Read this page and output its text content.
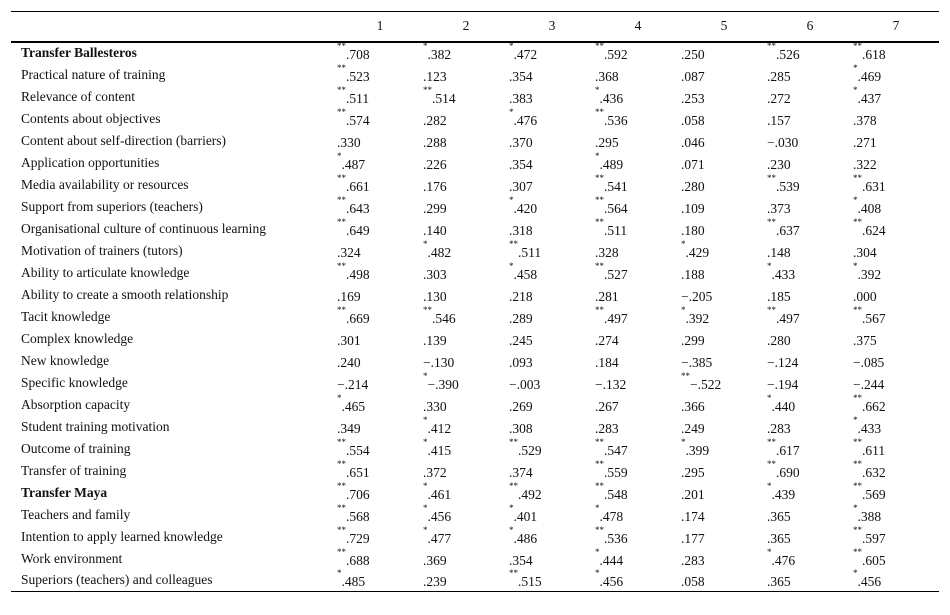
	1	2	3	4	5	6	7
Transfer Ballesteros	**.708	*.382	*.472	**.592	.250	**.526	**.618
Practical nature of training	**.523	.123	.354	.368	.087	.285	*.469
Relevance of content	**.511	**.514	.383	*.436	.253	.272	*.437
Contents about objectives	**.574	.282	*.476	**.536	.058	.157	.378
Content about self-direction (barriers)	.330	.288	.370	.295	.046	−.030	.271
Application opportunities	*.487	.226	.354	*.489	.071	.230	.322
Media availability or resources	**.661	.176	.307	**.541	.280	**.539	**.631
Support from superiors (teachers)	**.643	.299	*.420	**.564	.109	.373	*.408
Organisational culture of continuous learning	**.649	.140	.318	**.511	.180	**.637	**.624
Motivation of trainers (tutors)	.324	*.482	**.511	.328	*.429	.148	.304
Ability to articulate knowledge	**.498	.303	*.458	**.527	.188	*.433	*.392
Ability to create a smooth relationship	.169	.130	.218	.281	−.205	.185	.000
Tacit knowledge	**.669	**.546	.289	**.497	*.392	**.497	**.567
Complex knowledge	.301	.139	.245	.274	.299	.280	.375
New knowledge	.240	−.130	.093	.184	−.385	−.124	−.085
Specific knowledge	−.214	*−.390	−.003	−.132	**−.522	−.194	−.244
Absorption capacity	*.465	.330	.269	.267	.366	*.440	**.662
Student training motivation	.349	*.412	.308	.283	.249	.283	*.433
Outcome of training	**.554	*.415	**.529	**.547	*.399	**.617	**.611
Transfer of training	**.651	.372	.374	**.559	.295	**.690	**.632
Transfer Maya	**.706	*.461	**.492	**.548	.201	*.439	**.569
Teachers and family	**.568	*.456	*.401	*.478	.174	.365	*.388
Intention to apply learned knowledge	**.729	*.477	*.486	**.536	.177	.365	**.597
Work environment	**.688	.369	.354	*.444	.283	*.476	**.605
Superiors (teachers) and colleagues	*.485	.239	**.515	*.456	.058	.365	*.456
